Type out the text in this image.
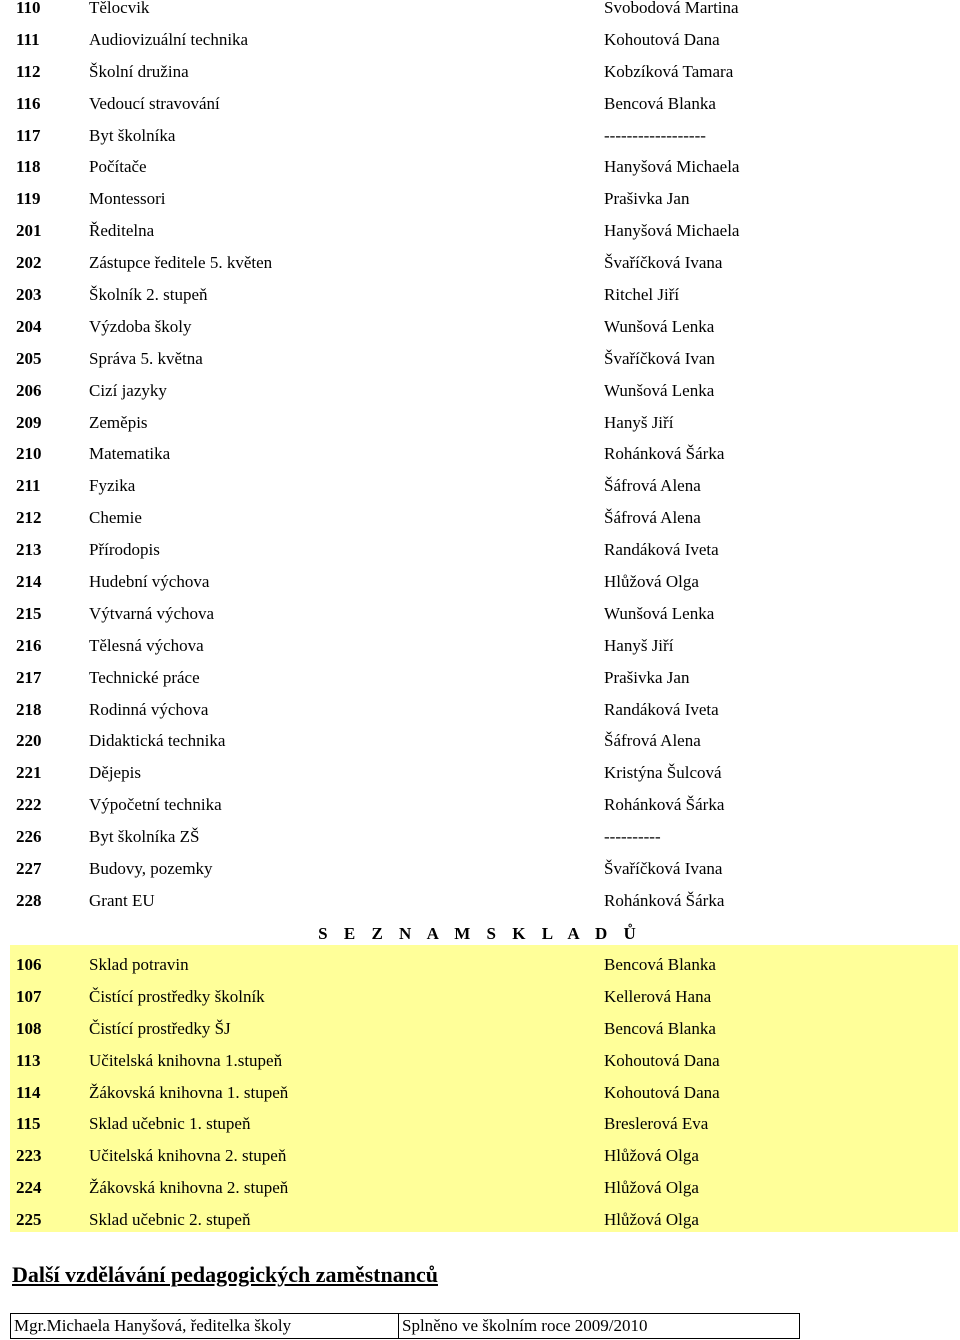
110	Tělocvik	Svobodová Martina
111	Audiovizuální technika	Kohoutová Dana
112	Školní družina	Kobzíková Tamara
116	Vedoucí stravování	Bencová Blanka
117	Byt školníka	------------------
118	Počítače	Hanyšová Michaela
119	Montessori	Prašivka Jan
201	Ředitelna	Hanyšová Michaela
202	Zástupce ředitele 5. květen	Švaříčková Ivana
203	Školník 2. stupeň	Ritchel Jiří
204	Výzdoba školy	Wunšová Lenka
205	Správa 5. května	Švaříčková Ivan
206	Cizí jazyky	Wunšová Lenka
209	Zeměpis	Hanyš Jiří
210	Matematika	Rohánková Šárka
211	Fyzika	Šáfrová Alena
212	Chemie	Šáfrová Alena
213	Přírodopis	Randáková Iveta
214	Hudební výchova	Hlůžová Olga
215	Výtvarná výchova	Wunšová Lenka
216	Tělesná výchova	Hanyš Jiří
217	Technické práce	Prašivka Jan
218	Rodinná výchova	Randáková Iveta
220	Didaktická technika	Šáfrová Alena
221	Dějepis	Kristýna Šulcová
222	Výpočetní technika	Rohánková Šárka
226	Byt školníka ZŠ	----------
227	Budovy, pozemky	Švaříčková Ivana
228	Grant EU	Rohánková Šárka
S E Z N A M S K L A D Ů
106	Sklad potravin	Bencová Blanka
107	Čistící prostředky školník	Kellerová Hana
108	Čistící prostředky ŠJ	Bencová Blanka
113	Učitelská knihovna 1.stupeň	Kohoutová Dana
114	Žákovská knihovna 1. stupeň	Kohoutová Dana
115	Sklad učebnic 1. stupeň	Breslerová Eva
223	Učitelská knihovna 2. stupeň	Hlůžová Olga
224	Žákovská knihovna 2. stupeň	Hlůžová Olga
225	Sklad učebnic 2. stupeň	Hlůžová Olga
Další vzdělávání pedagogických zaměstnanců
Mgr.Michaela Hanyšová, ředitelka školy	Splněno ve školním roce 2009/2010
